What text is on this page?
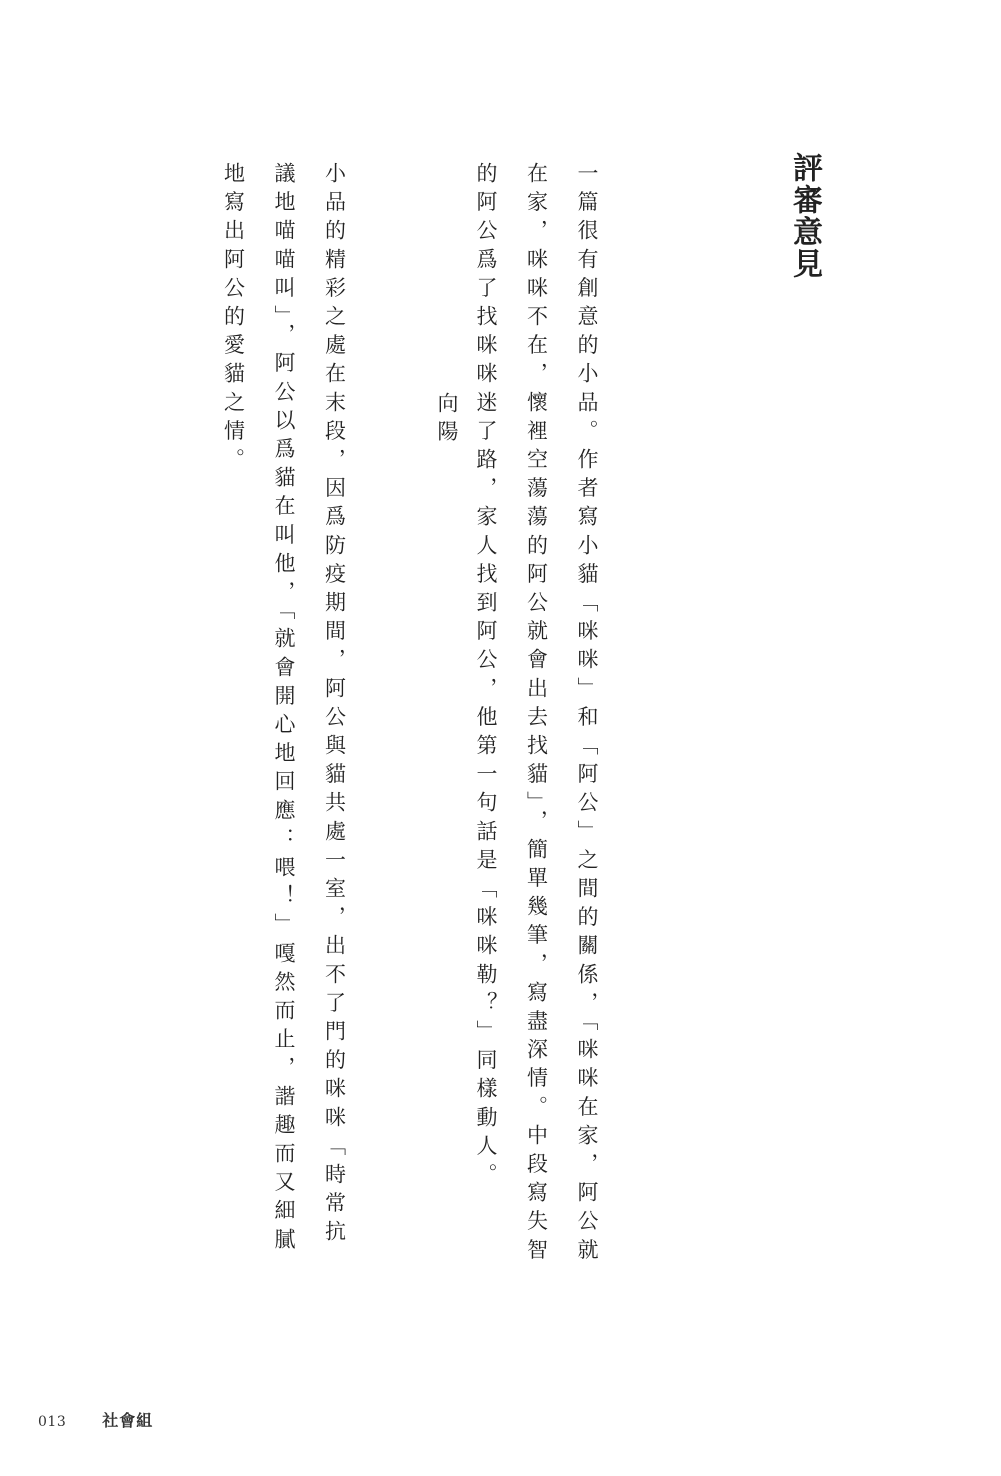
評審意見

一篇很有創意的小品。作者寫小貓「咪咪」和「阿公」之間的關係，「咪咪在家，阿公就在家，咪咪不在，懷裡空蕩蕩的阿公就會出去找貓」，簡單幾筆，寫盡深情。中段寫失智的阿公爲了找咪咪迷了路，家人找到阿公，他第一句話是「咪咪勒？」同樣動人。

小品的精彩之處在末段，因爲防疫期間，阿公與貓共處一室，出不了門的咪咪「時常抗議地喵喵叫」，阿公以爲貓在叫他，「就會開心地回應：喂！」嘎然而止，諧趣而又細膩地寫出阿公的愛貓之情。

	向陽
013 社會組
